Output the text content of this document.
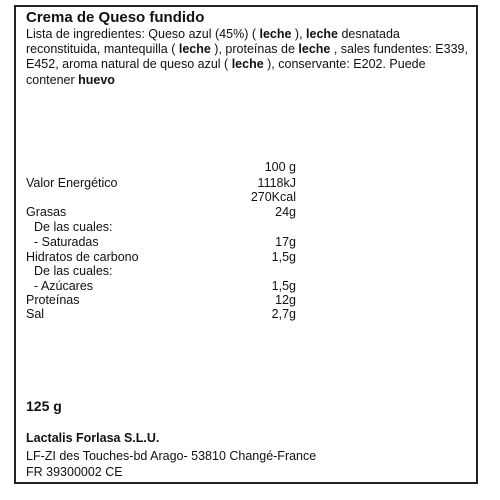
Crema de Queso fundido
Lista de ingredientes: Queso azul (45%) ( leche ), leche desnatada
reconstituida, mantequilla ( leche ), proteínas de leche , sales fundentes: E339,
E452, aroma natural de queso azul ( leche ), conservante: E202. Puede
contener huevo
100 g
Valor Energético	1118kJ
270Kcal
Grasas	24g
De las cuales:
- Saturadas	17g
Hidratos de carbono	1,5g
De las cuales:
- Azúcares	1,5g
Proteínas	12g
Sal	2,7g
125 g
Lactalis Forlasa S.L.U.
LF-ZI des Touches-bd Arago- 53810 Changé-France
FR 39300002 CE
